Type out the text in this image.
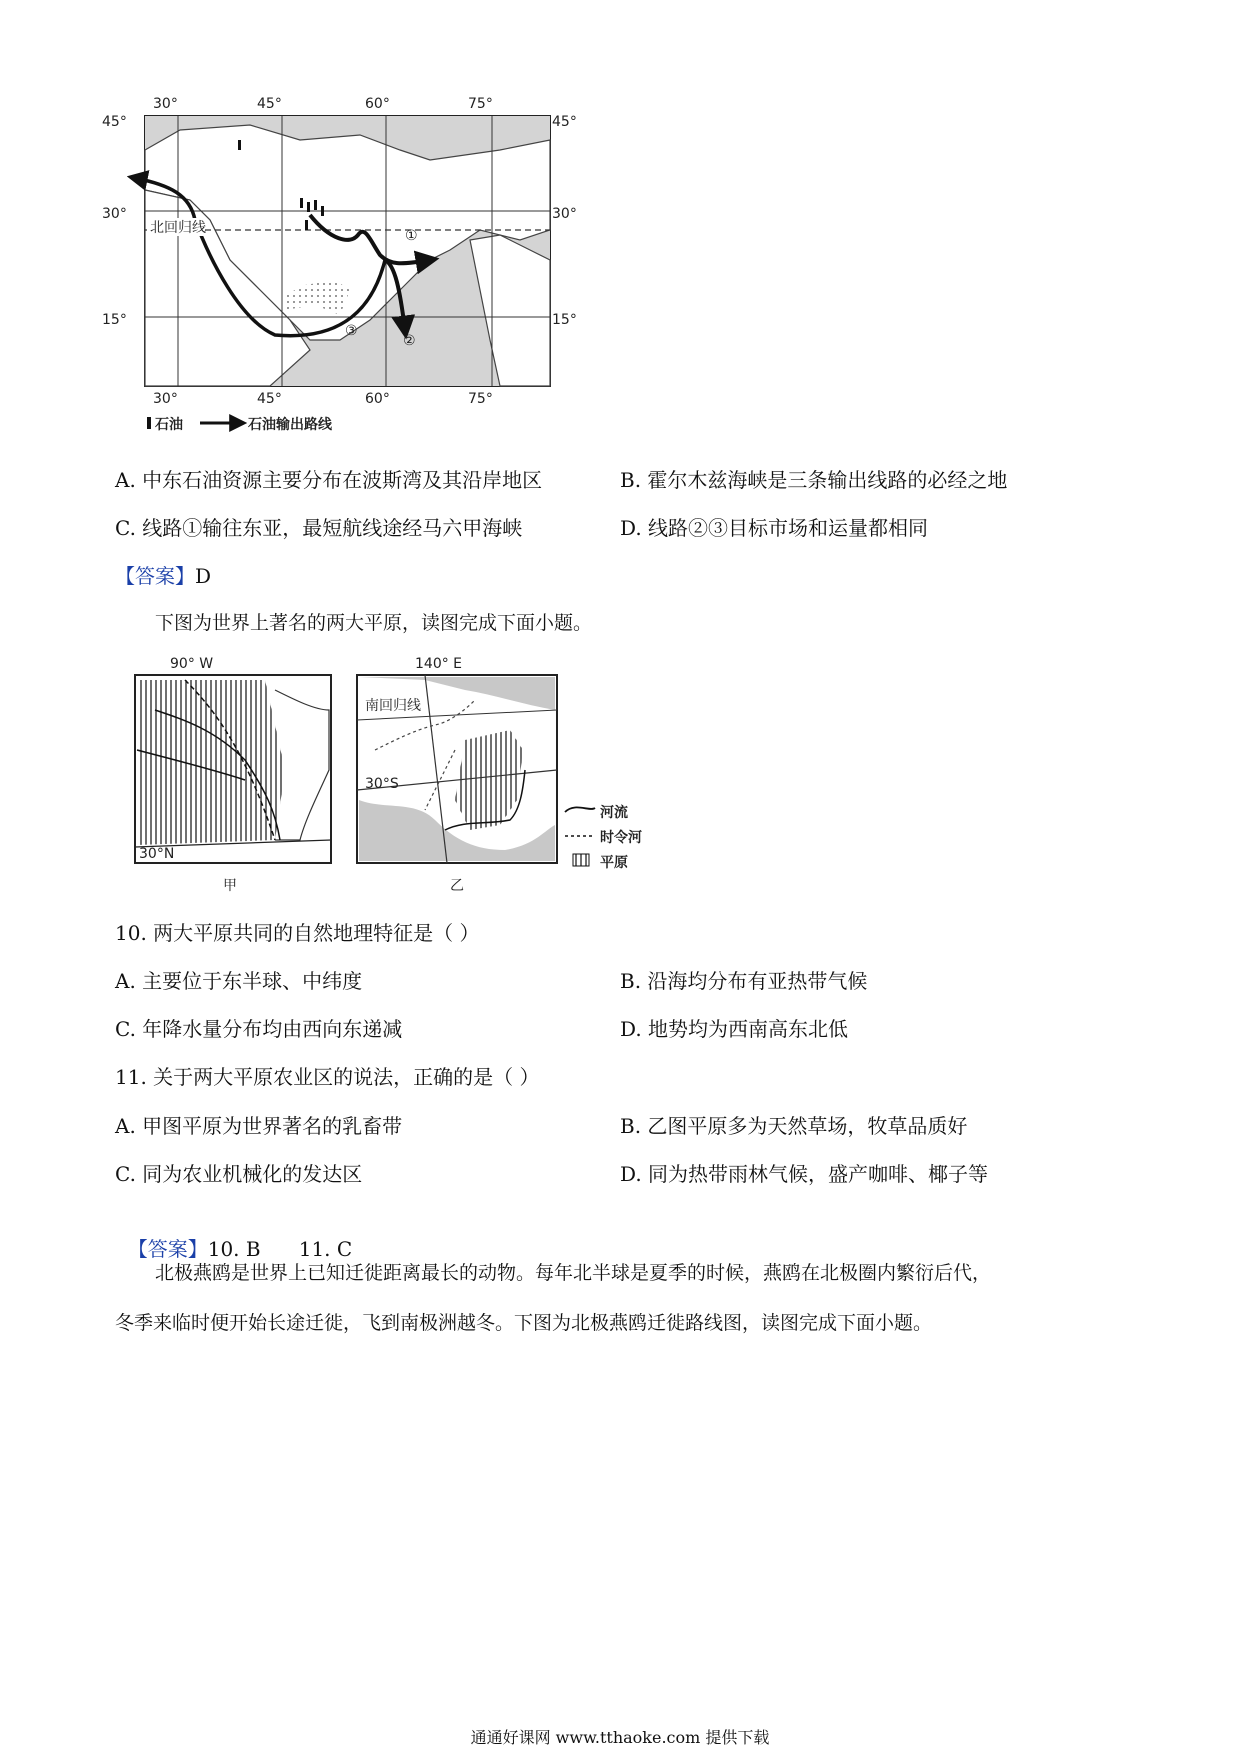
①
②
③
北回归线
30°	45°	60°	75°
30°	45°	60°	75°
45°
30°
15°
45°
30°
15°
石油	石油输出路线
A. 中东石油资源主要分布在波斯湾及其沿岸地区	B. 霍尔木兹海峡是三条输出线路的必经之地
C. 线路①输往东亚，最短航线途经马六甲海峡	D. 线路②③目标市场和运量都相同
【答案】D
下图为世界上著名的两大平原，读图完成下面小题。
90° W
30°N
甲
南回归线
30°S
140° E
乙
河流
时令河
平原
10. 两大平原共同的自然地理特征是（ ）
A. 主要位于东半球、中纬度	B. 沿海均分布有亚热带气候
C. 年降水量分布均由西向东递减	D. 地势均为西南高东北低
11. 关于两大平原农业区的说法，正确的是（ ）
A. 甲图平原为世界著名的乳畜带	B. 乙图平原多为天然草场，牧草品质好
C. 同为农业机械化的发达区	D. 同为热带雨林气候，盛产咖啡、椰子等

【答案】10. B      11. C

北极燕鸥是世界上已知迁徙距离最长的动物。每年北半球是夏季的时候，燕鸥在北极圈内繁衍后代，
冬季来临时便开始长途迁徙，飞到南极洲越冬。下图为北极燕鸥迁徙路线图，读图完成下面小题。
通通好课网 www.tthaoke.com 提供下载
